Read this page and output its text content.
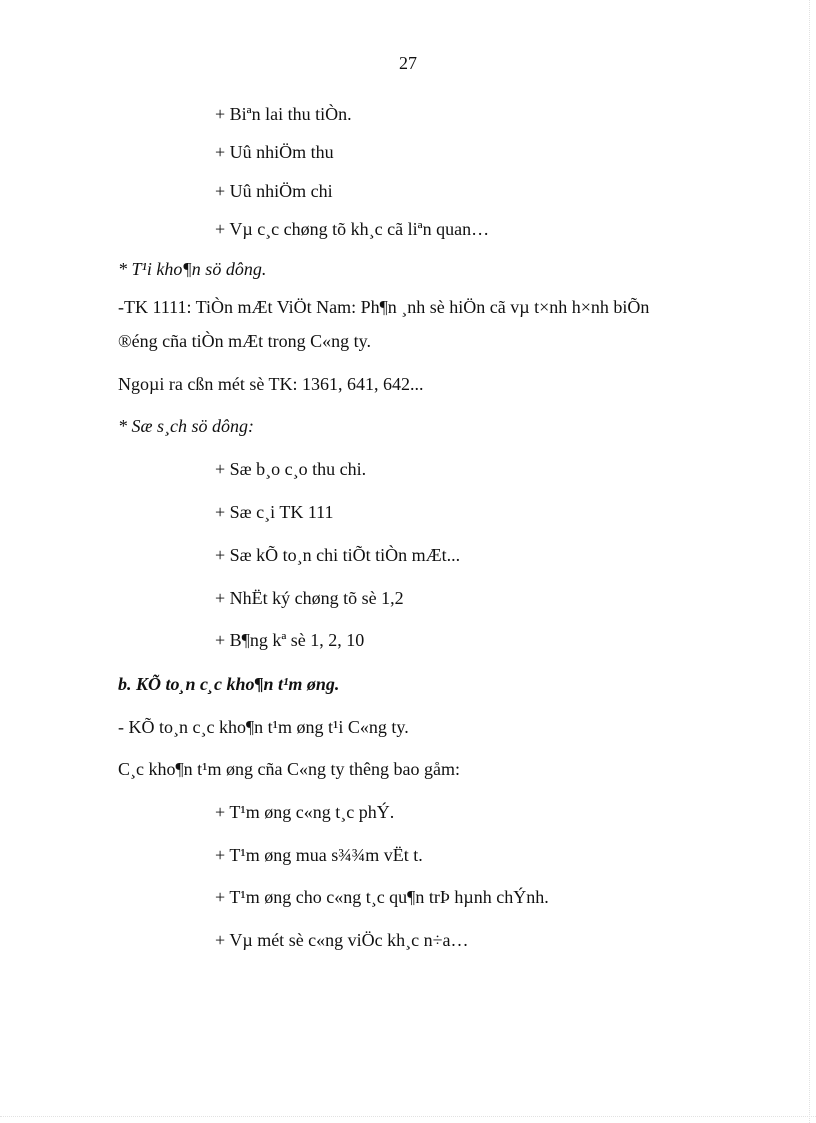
27
+ Biªn lai thu tiÒn.
+ Uû nhiÖm thu
+ Uû nhiÖm chi
+ Vµ c¸c chøng tõ kh¸c cã liªn quan…
* T¹i kho¶n sö dông.
-TK 1111: TiÒn mÆt ViÖt Nam: Ph¶n ¸nh sè hiÖn cã vµ t×nh h×nh biÕn
®éng cña tiÒn mÆt trong C«ng ty.
Ngoµi ra cßn mét sè TK: 1361, 641, 642...
* Sæ s¸ch sö dông:
+ Sæ b¸o c¸o thu chi.
+ Sæ c¸i TK 111
+ Sæ kÕ to¸n chi tiÕt tiÒn mÆt...
+ NhËt ký chøng tõ sè 1,2
+ B¶ng kª sè 1, 2, 10
b. KÕ to¸n c¸c kho¶n t¹m øng.
- KÕ to¸n c¸c kho¶n t¹m øng t¹i C«ng ty.
C¸c kho¶n t¹m øng cña C«ng ty thêng bao gåm:
+ T¹m øng c«ng t¸c phÝ.
+ T¹m øng mua s¾¾m vËt t.
+ T¹m øng cho c«ng t¸c qu¶n trÞ hµnh chÝnh.
+ Vµ mét sè c«ng viÖc kh¸c n÷a…
